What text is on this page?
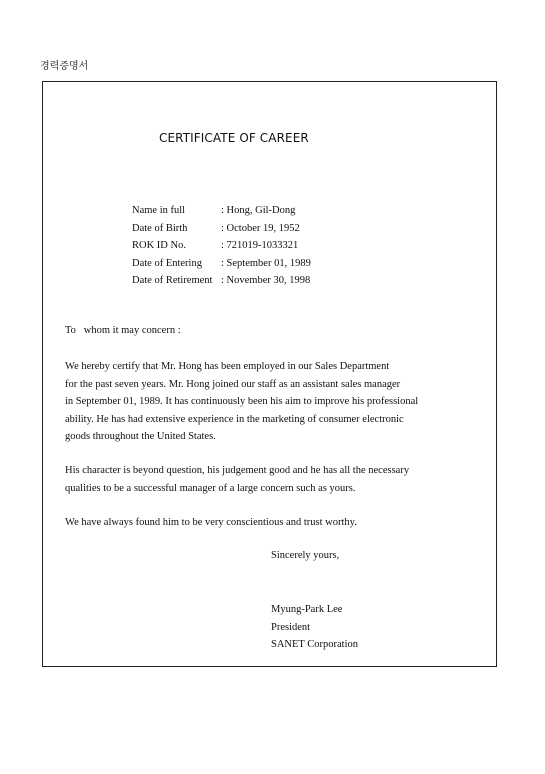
경력증명서
CERTIFICATE OF CAREER
Name in full	: Hong, Gil-Dong
Date of Birth	: October 19, 1952
ROK ID No.	: 721019-1033321
Date of Entering	: September 01, 1989
Date of Retirement : November 30, 1998
To   whom it may concern :
We hereby certify that Mr. Hong has been employed in our Sales Department
for the past seven years. Mr. Hong joined our staff as an assistant sales manager
in September 01, 1989. It has continuously been his aim to improve his professional
ability. He has had extensive experience in the marketing of consumer electronic
goods throughout the United States.
His character is beyond question, his judgement good and he has all the necessary
qualities to be a successful manager of a large concern such as yours.
We have always found him to be very conscientious and trust worthy.
Sincerely yours,
Myung-Park Lee
President
SANET Corporation
